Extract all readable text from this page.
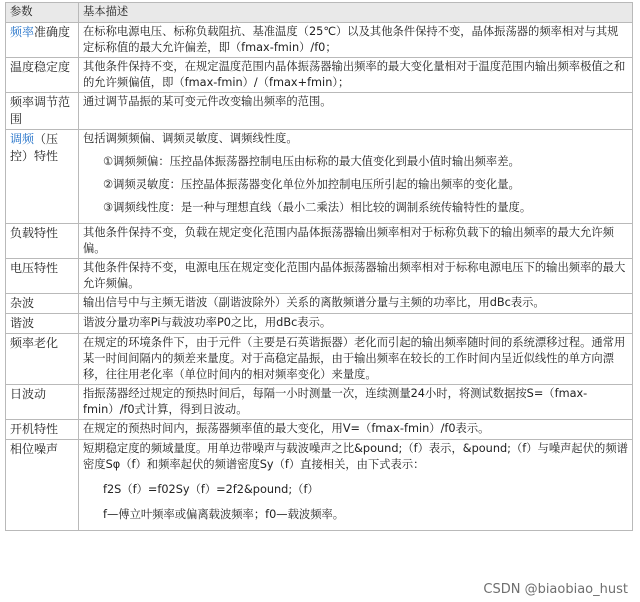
参数	基本描述
频率准确度	在标称电源电压、标称负载阻抗、基准温度（25℃）以及其他条件保持不变，晶体振荡器的频率相对与其规定标称值的最大允许偏差，即（fmax-fmin）/f0；
温度稳定度	其他条件保持不变，在规定温度范围内晶体振荡器输出频率的最大变化量相对于温度范围内输出频率极值之和的允许频偏值，即（fmax-fmin）/（fmax+fmin）；
频率调节范围	通过调节晶振的某可变元件改变输出频率的范围。
调频（压控）特性	包括调频频偏、调频灵敏度、调频线性度。
①调频频偏：压控晶体振荡器控制电压由标称的最大值变化到最小值时输出频率差。
②调频灵敏度：压控晶体振荡器变化单位外加控制电压所引起的输出频率的变化量。
③调频线性度：是一种与理想直线（最小二乘法）相比较的调制系统传输特性的量度。

负载特性	其他条件保持不变，负载在规定变化范围内晶体振荡器输出频率相对于标称负载下的输出频率的最大允许频偏。
电压特性	其他条件保持不变，电源电压在规定变化范围内晶体振荡器输出频率相对于标称电源电压下的输出频率的最大允许频偏。
杂波	输出信号中与主频无谐波（副谐波除外）关系的离散频谱分量与主频的功率比，用dBc表示。
谐波	谐波分量功率Pi与载波功率P0之比，用dBc表示。
频率老化	在规定的环境条件下，由于元件（主要是石英谐振器）老化而引起的输出频率随时间的系统漂移过程。通常用某一时间间隔内的频差来量度。对于高稳定晶振，由于输出频率在较长的工作时间内呈近似线性的单方向漂移，往往用老化率（单位时间内的相对频率变化）来量度。
日波动	指振荡器经过规定的预热时间后，每隔一小时测量一次，连续测量24小时，将测试数据按S=（fmax-fmin）/f0式计算，得到日波动。
开机特性	在规定的预热时间内，振荡器频率值的最大变化，用V=（fmax-fmin）/f0表示。
相位噪声	短期稳定度的频域量度。用单边带噪声与载波噪声之比&pound;（f）表示，&pound;（f）与噪声起伏的频谱密度Sφ（f）和频率起伏的频谱密度Sy（f）直接相关，由下式表示：
f2S（f）=f02Sy（f）=2f2&pound;（f）
f—傅立叶频率或偏离载波频率；f0—载波频率。
CSDN @biaobiao_hust
